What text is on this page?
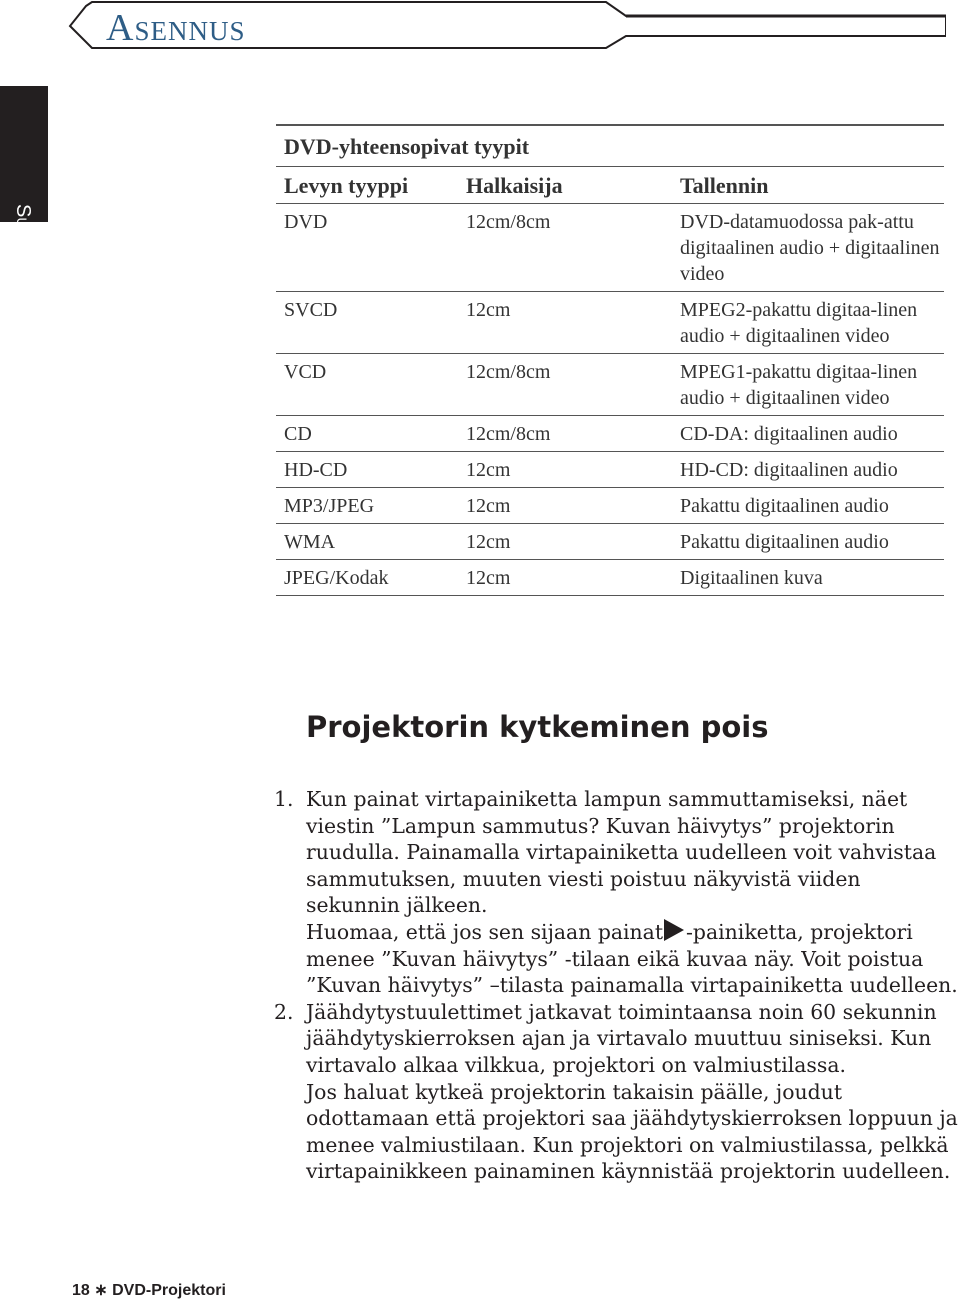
Asennus
Suomi
DVD-yhteensopivat tyypit
Levyn tyyppi	Halkaisija	Tallennin
DVD	12cm/8cm	DVD-datamuodossa pak-attu digitaalinen audio + digitaalinen video
SVCD	12cm	MPEG2-pakattu digitaa-linen audio + digitaalinen video
VCD	12cm/8cm	MPEG1-pakattu digitaa-linen audio + digitaalinen video
CD	12cm/8cm	CD-DA: digitaalinen audio
HD-CD	12cm	HD-CD: digitaalinen audio
MP3/JPEG	12cm	Pakattu digitaalinen audio
WMA	12cm	Pakattu digitaalinen audio
JPEG/Kodak	12cm	Digitaalinen kuva
Projektorin kytkeminen pois
1. Kun painat virtapainiketta lampun sammuttamiseksi, näet viestin ”Lampun sammutus? Kuvan häivytys” projektorin ruudulla. Painamalla virtapainiketta uudelleen voit vahvistaa sammutuksen, muuten viesti poistuu näkyvistä viiden sekunnin jälkeen.
Huomaa, että jos sen sijaan painat -painiketta, projektori menee ”Kuvan häivytys” -tilaan eikä kuvaa näy. Voit poistua ”Kuvan häivytys” –tilasta painamalla virtapainiketta uudelleen.
2. Jäähdytystuulettimet jatkavat toimintaansa noin 60 sekunnin jäähdytyskierroksen ajan ja virtavalo muuttuu siniseksi. Kun virtavalo alkaa vilkkua, projektori on valmiustilassa.
Jos haluat kytkeä projektorin takaisin päälle, joudut odottamaan että projektori saa jäähdytyskierroksen loppuun ja menee valmiustilaan. Kun projektori on valmiustilassa, pelkkä virtapainikkeen painaminen käynnistää projektorin uudelleen.
18 ∗ DVD-Projektori
